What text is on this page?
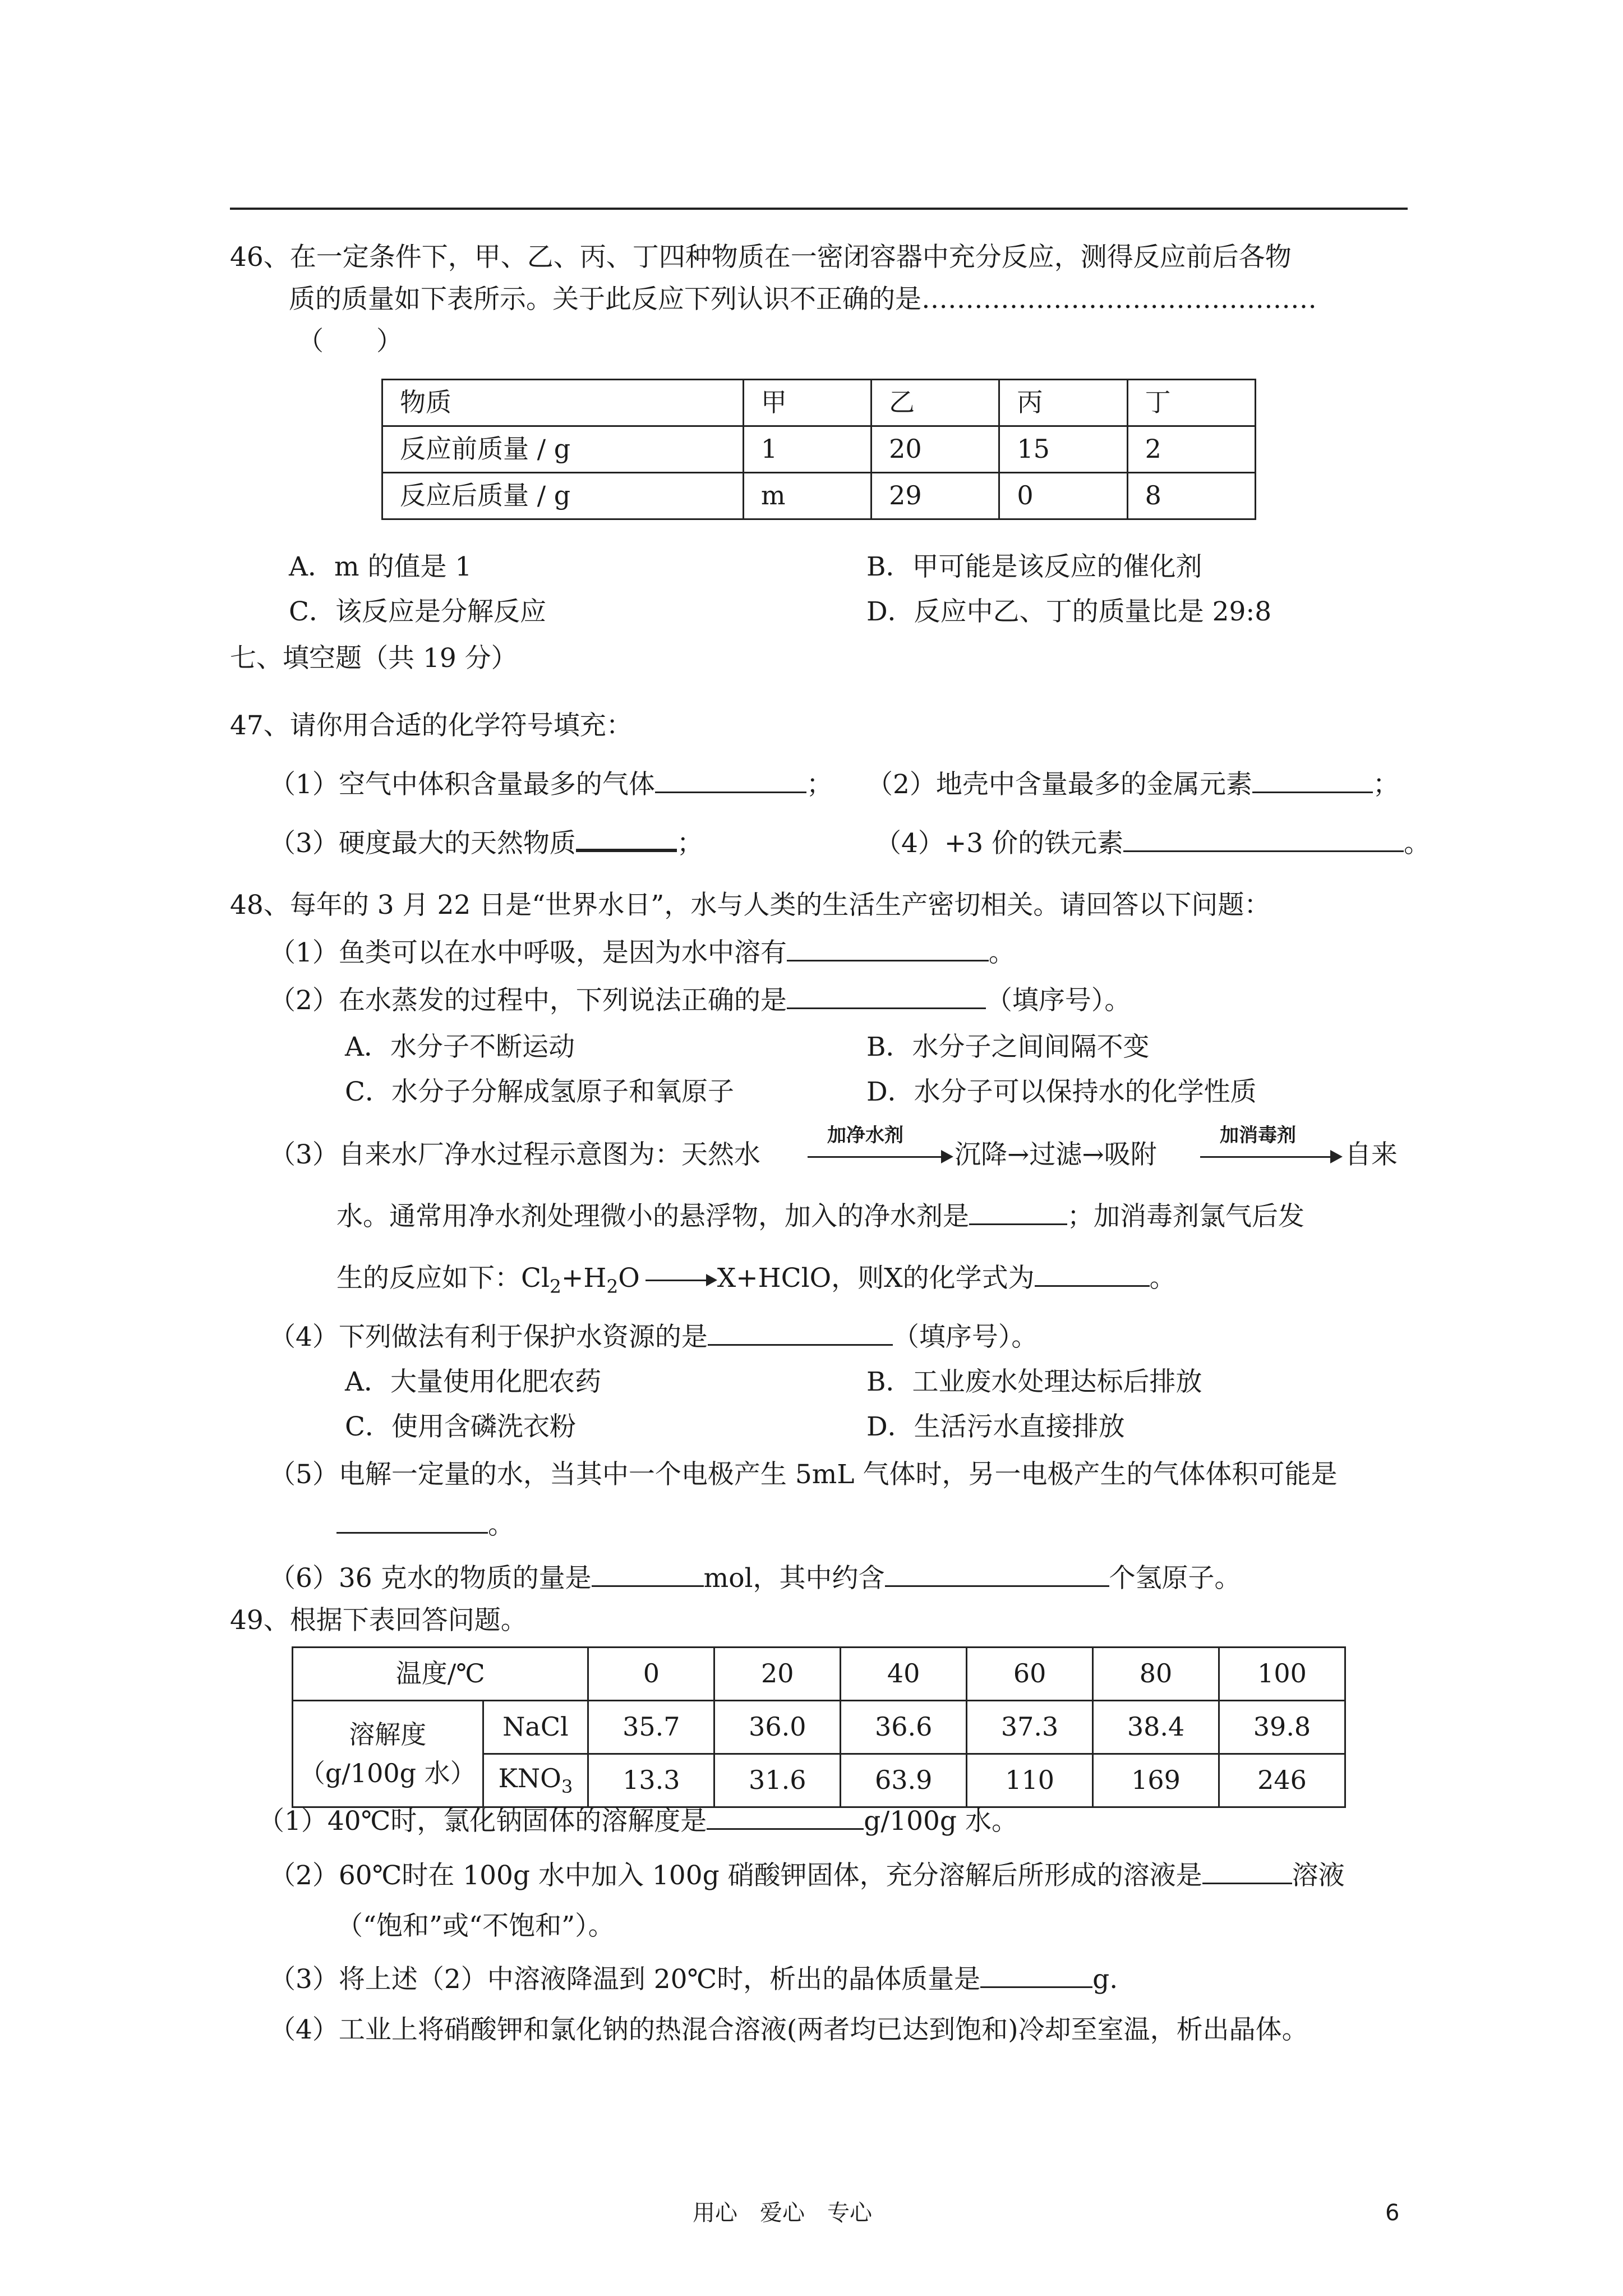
46、在一定条件下，甲、乙、丙、丁四种物质在一密闭容器中充分反应，测得反应前后各物
质的质量如下表所示。关于此反应下列认识不正确的是………………………………………
（　　）
物质	甲	乙	丙	丁
反应前质量 / g	1	20	15	2
反应后质量 / g	m	29	0	8
A．m 的值是 1	B．甲可能是该反应的催化剂
C．该反应是分解反应	D．反应中乙、丁的质量比是 29:8
七、填空题（共 19 分）
47、请你用合适的化学符号填充：
（1）空气中体积含量最多的气体	； （2）地壳中含量最多的金属元素	；
（3）硬度最大的天然物质	；	（4）+3 价的铁元素	。
48、每年的 3 月 22 日是“世界水日”，水与人类的生活生产密切相关。请回答以下问题：
（1）鱼类可以在水中呼吸，是因为水中溶有	。
（2）在水蒸发的过程中，下列说法正确的是	（填序号）。
A．水分子不断运动	B．水分子之间间隔不变
C．水分子分解成氢原子和氧原子	D．水分子可以保持水的化学性质
（3）自来水厂净水过程示意图为：天然水
加净水剂
沉降→过滤→吸附
加消毒剂
自来
水。通常用净水剂处理微小的悬浮物，加入的净水剂是	；加消毒剂氯气后发
生的反应如下：$Cl_2+H_2O$	X+HClO，则X的化学式为	。
（4）下列做法有利于保护水资源的是	（填序号）。
A．大量使用化肥农药	B．工业废水处理达标后排放
C．使用含磷洗衣粉	D．生活污水直接排放
（5）电解一定量的水，当其中一个电极产生 5mL 气体时，另一电极产生的气体体积可能是
。
（6）36 克水的物质的量是	mol，其中约含	个氢原子。
49、根据下表回答问题。
温度/℃		0	20	40	60	80	100

溶解度
（g/100g 水）	NaCl	35.7	36.0	36.6	37.3	38.4	39.8
	$KNO_3$	13.3	31.6	63.9	110	169	246
（1）40℃时，氯化钠固体的溶解度是	g/100g 水。
（2）60℃时在 100g 水中加入 100g 硝酸钾固体，充分溶解后所形成的溶液是	溶液
（“饱和”或“不饱和”）。
（3）将上述（2）中溶液降温到 20℃时，析出的晶体质量是	g.
（4）工业上将硝酸钾和氯化钠的热混合溶液(两者均已达到饱和)冷却至室温，析出晶体。
用心　爱心　专心	6
